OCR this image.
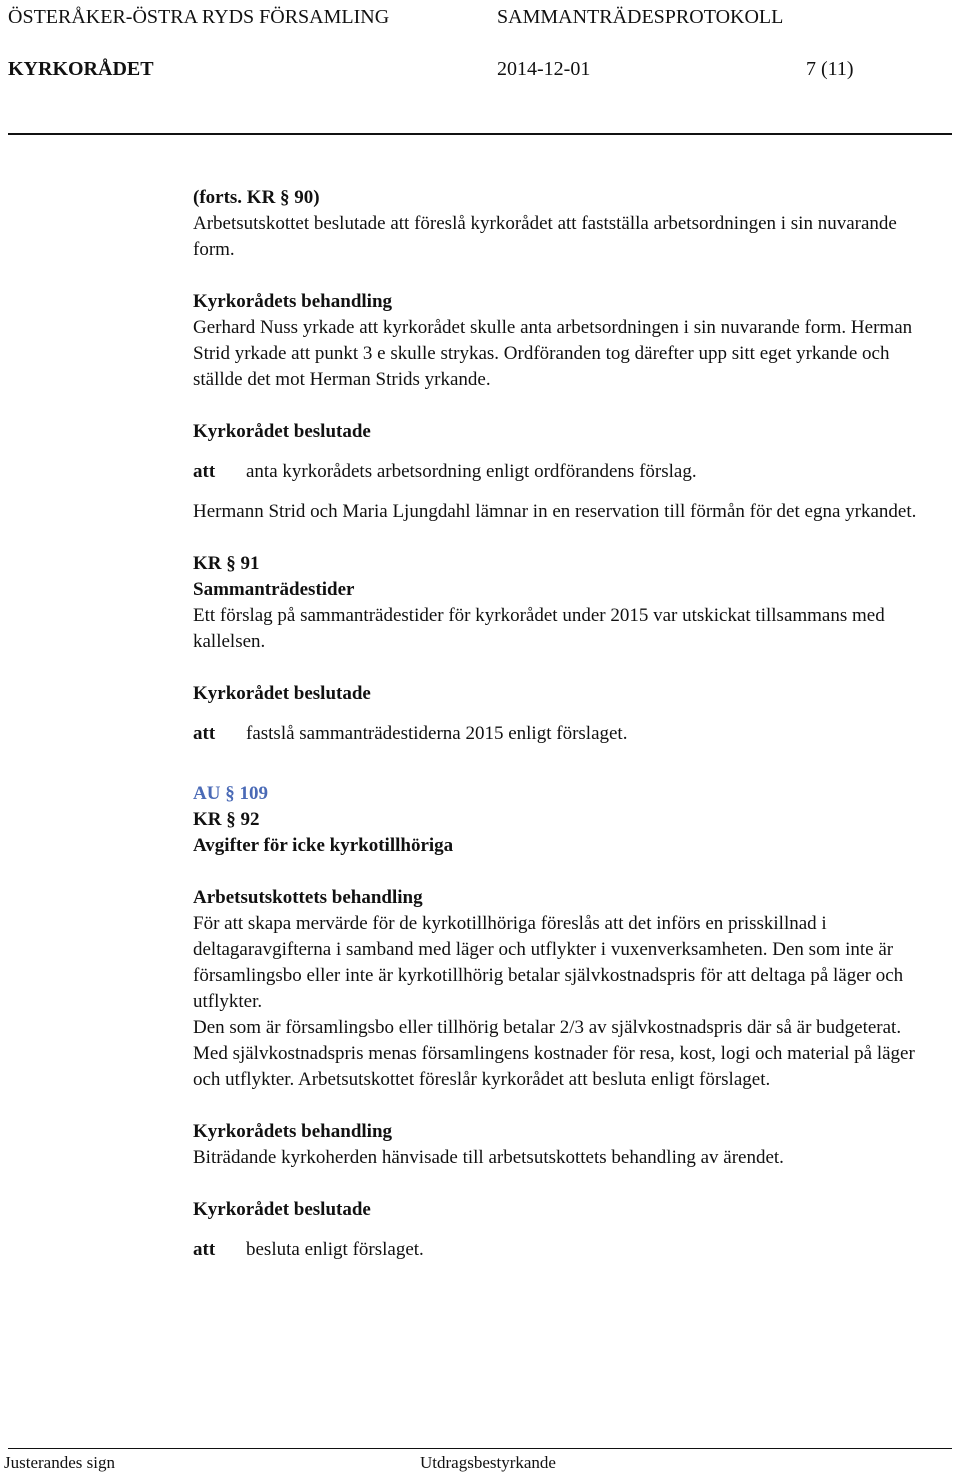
ÖSTERÅKER-ÖSTRA RYDS FÖRSAMLING	SAMMANTRÄDESPROTOKOLL
KYRKORÅDET	2014-12-01	7 (11)

(forts. KR § 90)

Arbetsutskottet beslutade att föreslå kyrkorådet att fastställa arbetsordningen i sin nuvarande form.

Kyrkorådets behandling

Gerhard Nuss yrkade att kyrkorådet skulle anta arbetsordningen i sin nuvarande form. Herman Strid yrkade att punkt 3 e skulle strykas. Ordföranden tog därefter upp sitt eget yrkande och ställde det mot Herman Strids yrkande.

Kyrkorådet beslutade

att anta kyrkorådets arbetsordning enligt ordförandens förslag.

Hermann Strid och Maria Ljungdahl lämnar in en reservation till förmån för det egna yrkandet.

KR § 91

Sammanträdestider

Ett förslag på sammanträdestider för kyrkorådet under 2015 var utskickat tillsammans med kallelsen.

Kyrkorådet beslutade

att fastslå sammanträdestiderna 2015 enligt förslaget.

AU § 109

KR § 92

Avgifter för icke kyrkotillhöriga

Arbetsutskottets behandling

För att skapa mervärde för de kyrkotillhöriga föreslås att det införs en prisskillnad i deltagaravgifterna i samband med läger och utflykter i vuxenverksamheten. Den som inte är församlingsbo eller inte är kyrkotillhörig betalar självkostnadspris för att deltaga på läger och utflykter.

Den som är församlingsbo eller tillhörig betalar 2/3 av självkostnadspris där så är budgeterat. Med självkostnadspris menas församlingens kostnader för resa, kost, logi och material på läger och utflykter. Arbetsutskottet föreslår kyrkorådet att besluta enligt förslaget.

Kyrkorådets behandling

Biträdande kyrkoherden hänvisade till arbetsutskottets behandling av ärendet.

Kyrkorådet beslutade

att besluta enligt förslaget.

Justerandes sign	Utdragsbestyrkande
